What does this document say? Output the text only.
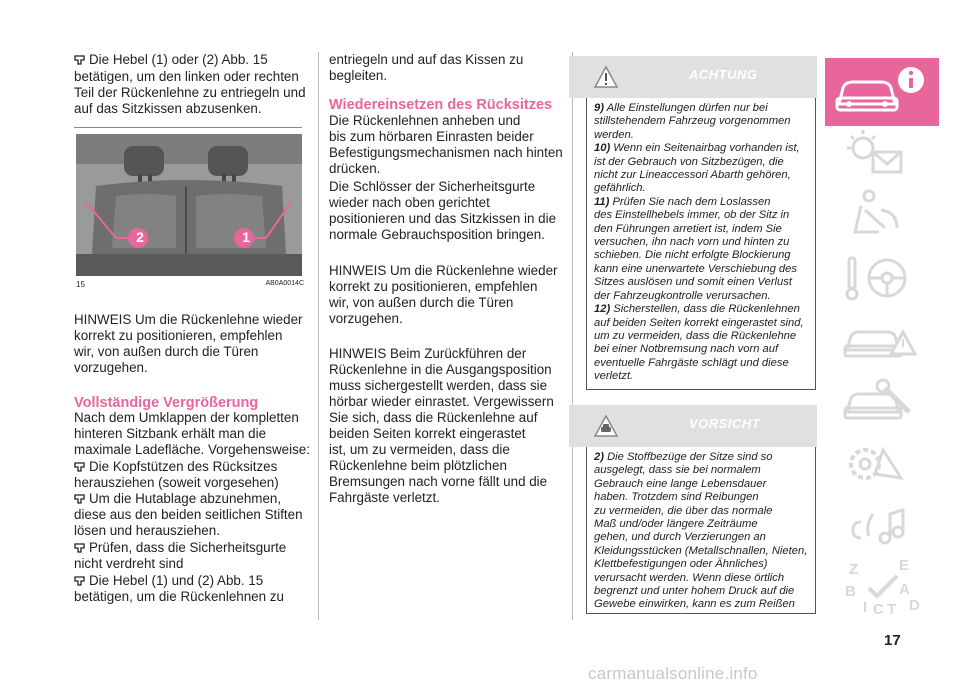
Die Hebel (1) oder (2) Abb. 15

betätigen, um den linken oder rechten

Teil der Rückenlehne zu entriegeln und

auf das Sitzkissen abzusenken.

2	1
15	AB0A0014C

HINWEIS Um die Rückenlehne wieder

korrekt zu positionieren, empfehlen

wir, von außen durch die Türen

vorzugehen.

Vollständige Vergrößerung

Nach dem Umklappen der kompletten

hinteren Sitzbank erhält man die

maximale Ladefläche. Vorgehensweise:

Die Kopfstützen des Rücksitzes

herausziehen (soweit vorgesehen)

Um die Hutablage abzunehmen,

diese aus den beiden seitlichen Stiften

lösen und herausziehen.

Prüfen, dass die Sicherheitsgurte

nicht verdreht sind

Die Hebel (1) und (2) Abb. 15

betätigen, um die Rückenlehnen zu

entriegeln und auf das Kissen zu

begleiten.

Wiedereinsetzen des Rücksitzes

Die Rückenlehnen anheben und

bis zum hörbaren Einrasten beider

Befestigungsmechanismen nach hinten

drücken.

Die Schlösser der Sicherheitsgurte

wieder nach oben gerichtet

positionieren und das Sitzkissen in die

normale Gebrauchsposition bringen.

HINWEIS Um die Rückenlehne wieder

korrekt zu positionieren, empfehlen

wir, von außen durch die Türen

vorzugehen.

HINWEIS Beim Zurückführen der

Rückenlehne in die Ausgangsposition

muss sichergestellt werden, dass sie

hörbar wieder einrastet. Vergewissern

Sie sich, dass die Rückenlehne auf

beiden Seiten korrekt eingerastet

ist, um zu vermeiden, dass die

Rückenlehne beim plötzlichen

Bremsungen nach vorne fällt und die

Fahrgäste verletzt.

ACHTUNG

9) Alle Einstellungen dürfen nur bei

stillstehendem Fahrzeug vorgenommen

werden.

10) Wenn ein Seitenairbag vorhanden ist,

ist der Gebrauch von Sitzbezügen, die

nicht zur Lineaccessori Abarth gehören,

gefährlich.

11) Prüfen Sie nach dem Loslassen

des Einstellhebels immer, ob der Sitz in

den Führungen arretiert ist, indem Sie

versuchen, ihn nach vorn und hinten zu

schieben. Die nicht erfolgte Blockierung

kann eine unerwartete Verschiebung des

Sitzes auslösen und somit einen Verlust

der Fahrzeugkontrolle verursachen.

12) Sicherstellen, dass die Rückenlehnen

auf beiden Seiten korrekt eingerastet sind,

um zu vermeiden, dass die Rückenlehne

bei einer Notbremsung nach vorn auf

eventuelle Fahrgäste schlägt und diese

verletzt.

VORSICHT

2) Die Stoffbezüge der Sitze sind so

ausgelegt, dass sie bei normalem

Gebrauch eine lange Lebensdauer

haben. Trotzdem sind Reibungen

zu vermeiden, die über das normale

Maß und/oder längere Zeiträume

gehen, und durch Verzierungen an

Kleidungsstücken (Metallschnallen, Nieten,

Klettbefestigungen oder Ähnliches)

verursacht werden. Wenn diese örtlich

begrenzt und unter hohem Druck auf die

Gewebe einwirken, kann es zum Reißen

Z	E
B	A
C T D
I
17
carmanualsonline.info
